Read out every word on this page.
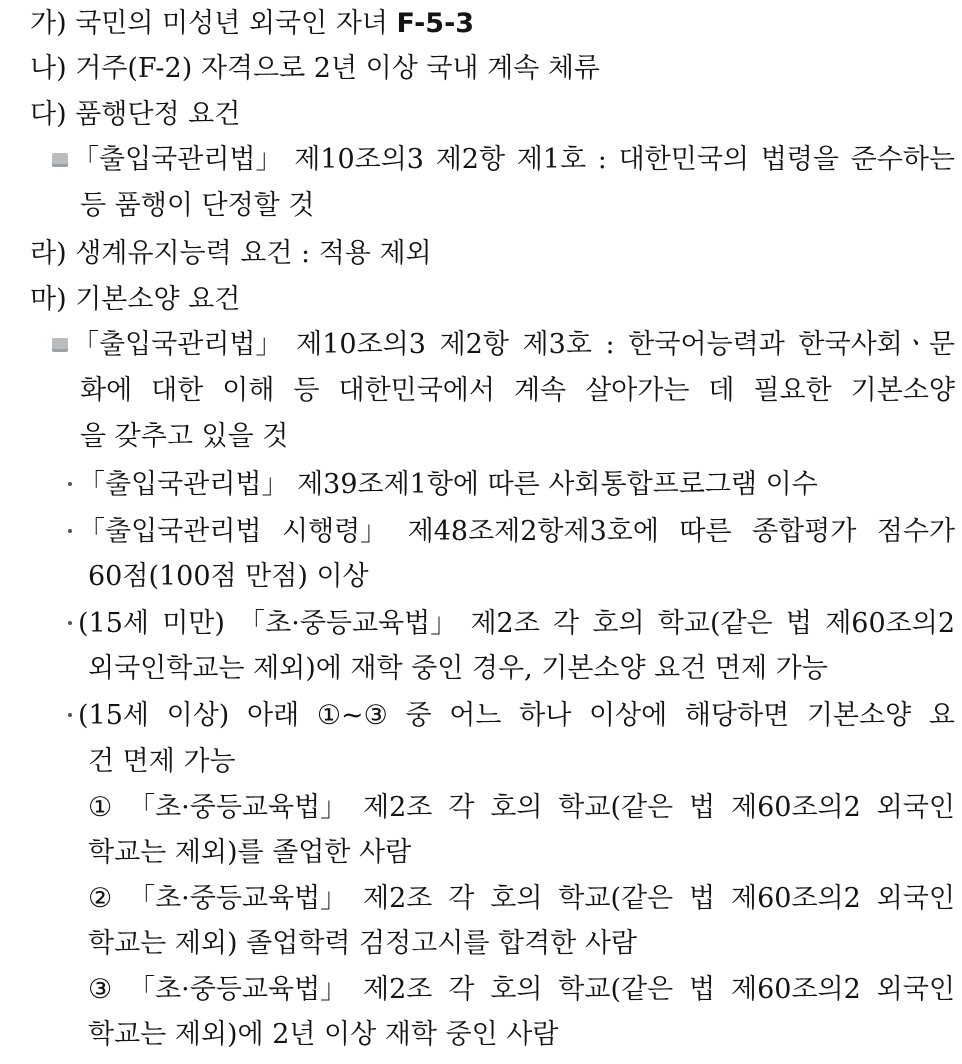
가) 국민의 미성년 외국인 자녀 F-5-3
나) 거주(F-2) 자격으로 2년 이상 국내 계속 체류
다) 품행단정 요건
「출입국관리법」 제10조의3 제2항 제1호 : 대한민국의 법령을 준수하는
등 품행이 단정할 것
라) 생계유지능력 요건 : 적용 제외
마) 기본소양 요건
「출입국관리법」 제10조의3 제2항 제3호 : 한국어능력과 한국사회ㆍ문
화에 대한 이해 등 대한민국에서 계속 살아가는 데 필요한 기본소양
을 갖추고 있을 것
「출입국관리법」 제39조제1항에 따른 사회통합프로그램 이수
「출입국관리법 시행령」 제48조제2항제3호에 따른 종합평가 점수가
60점(100점 만점) 이상
(15세 미만) 「초·중등교육법」 제2조 각 호의 학교(같은 법 제60조의2
외국인학교는 제외)에 재학 중인 경우, 기본소양 요건 면제 가능
(15세 이상) 아래 ①~③ 중 어느 하나 이상에 해당하면 기본소양 요
건 면제 가능
① 「초·중등교육법」 제2조 각 호의 학교(같은 법 제60조의2 외국인
학교는 제외)를 졸업한 사람
② 「초·중등교육법」 제2조 각 호의 학교(같은 법 제60조의2 외국인
학교는 제외) 졸업학력 검정고시를 합격한 사람
③ 「초·중등교육법」 제2조 각 호의 학교(같은 법 제60조의2 외국인
학교는 제외)에 2년 이상 재학 중인 사람
